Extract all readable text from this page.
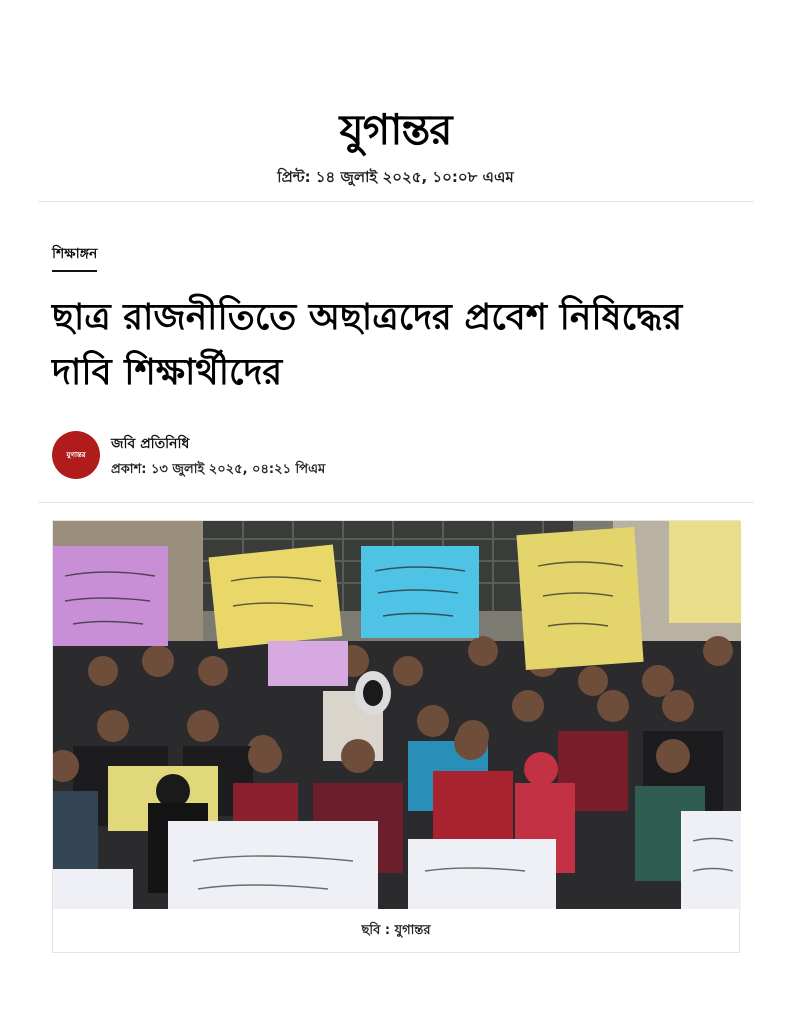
যুগান্তর
প্রিন্ট: ১৪ জুলাই ২০২৫, ১০:০৮ এএম
শিক্ষাঙ্গন
ছাত্র রাজনীতিতে অছাত্রদের প্রবেশ নিষিদ্ধের
দাবি শিক্ষার্থীদের
যুগান্তর
জবি প্রতিনিধি
প্রকাশ: ১৩ জুলাই ২০২৫, ০৪:২১ পিএম
ছবি : যুগান্তর
